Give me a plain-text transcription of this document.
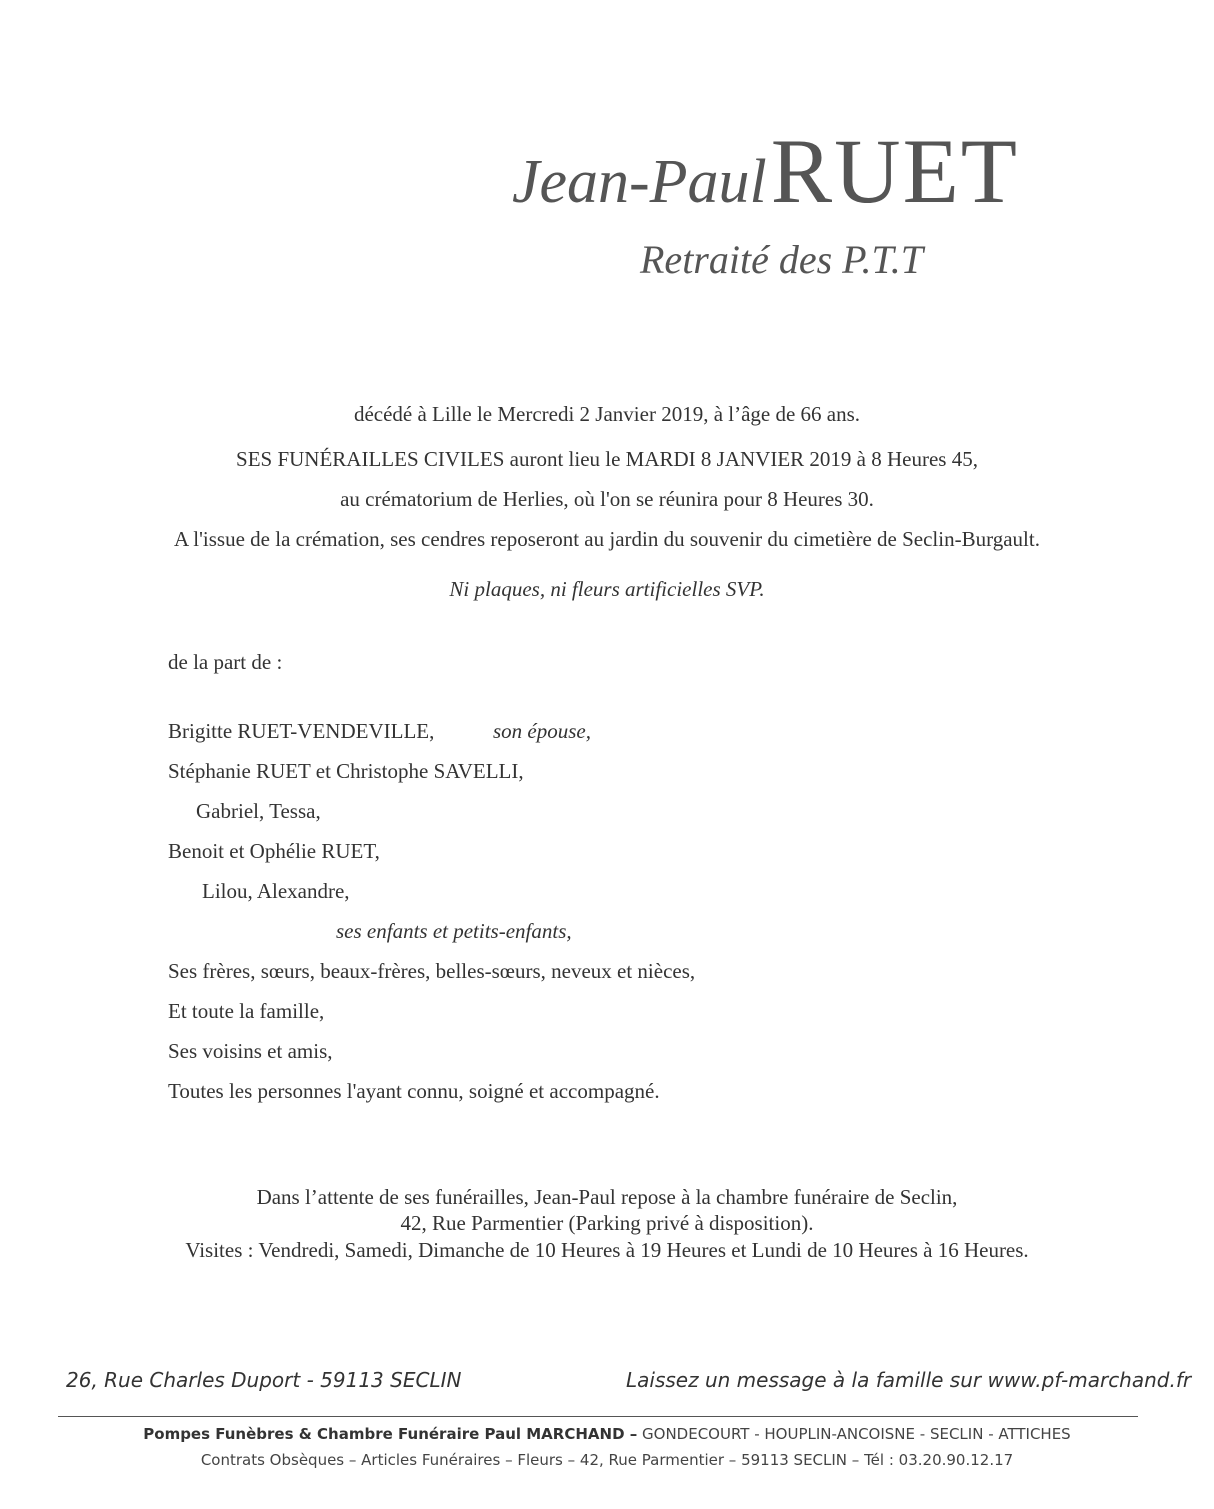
Jean-Paul RUET
Retraité des P.T.T
décédé à Lille le Mercredi 2 Janvier 2019, à l’âge de 66 ans.
SES FUNÉRAILLES CIVILES auront lieu le MARDI 8 JANVIER 2019 à 8 Heures 45,
au crématorium de Herlies, où l'on se réunira pour 8 Heures 30.
A l'issue de la crémation, ses cendres reposeront au jardin du souvenir du cimetière de Seclin-Burgault.
Ni plaques, ni fleurs artificielles SVP.
de la part de :
Brigitte RUET-VENDEVILLE,	son épouse,
Stéphanie RUET et Christophe SAVELLI,
Gabriel, Tessa,
Benoit et Ophélie RUET,
Lilou, Alexandre,
ses enfants et petits-enfants,
Ses frères, sœurs, beaux-frères, belles-sœurs, neveux et nièces,
Et toute la famille,
Ses voisins et amis,
Toutes les personnes l'ayant connu, soigné et accompagné.
Dans l’attente de ses funérailles, Jean-Paul repose à la chambre funéraire de Seclin,
42, Rue Parmentier (Parking privé à disposition).
Visites : Vendredi, Samedi, Dimanche de 10 Heures à 19 Heures et Lundi de 10 Heures à 16 Heures.
26, Rue Charles Duport - 59113 SECLIN	Laissez un message à la famille sur www.pf-marchand.fr
Pompes Funèbres & Chambre Funéraire Paul MARCHAND – GONDECOURT - HOUPLIN-ANCOISNE - SECLIN - ATTICHES
Contrats Obsèques – Articles Funéraires – Fleurs – 42, Rue Parmentier – 59113 SECLIN – Tél : 03.20.90.12.17
